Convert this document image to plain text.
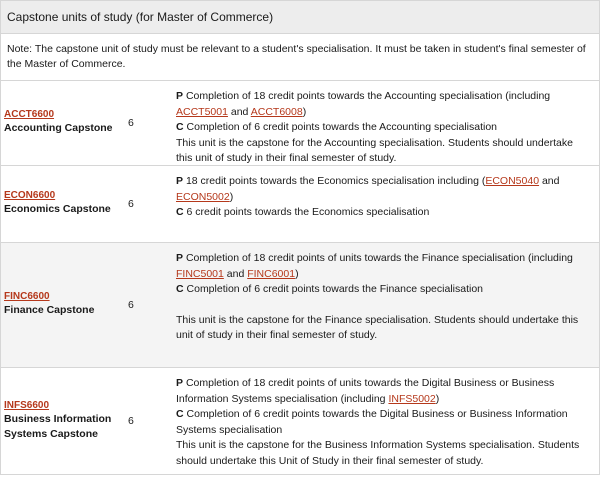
Capstone units of study (for Master of Commerce)
Note: The capstone unit of study must be relevant to a student's specialisation. It must be taken in student's final semester of the Master of Commerce.
ACCT6600
Accounting Capstone	6
P Completion of 18 credit points towards the Accounting specialisation (including ACCT5001 and ACCT6008)
C Completion of 6 credit points towards the Accounting specialisation
This unit is the capstone for the Accounting specialisation. Students should undertake this unit of study in their final semester of study.
ECON6600
Economics Capstone	6
P 18 credit points towards the Economics specialisation including (ECON5040 and ECON5002)
C 6 credit points towards the Economics specialisation
FINC6600
Finance Capstone	6
P Completion of 18 credit points of units towards the Finance specialisation (including FINC5001 and FINC6001)
C Completion of 6 credit points towards the Finance specialisation
This unit is the capstone for the Finance specialisation. Students should undertake this unit of study in their final semester of study.
INFS6600
Business Information Systems Capstone
6
P Completion of 18 credit points of units towards the Digital Business or Business Information Systems specialisation (including INFS5002)
C Completion of 6 credit points towards the Digital Business or Business Information Systems specialisation
This unit is the capstone for the Business Information Systems specialisation. Students should undertake this Unit of Study in their final semester of study.
